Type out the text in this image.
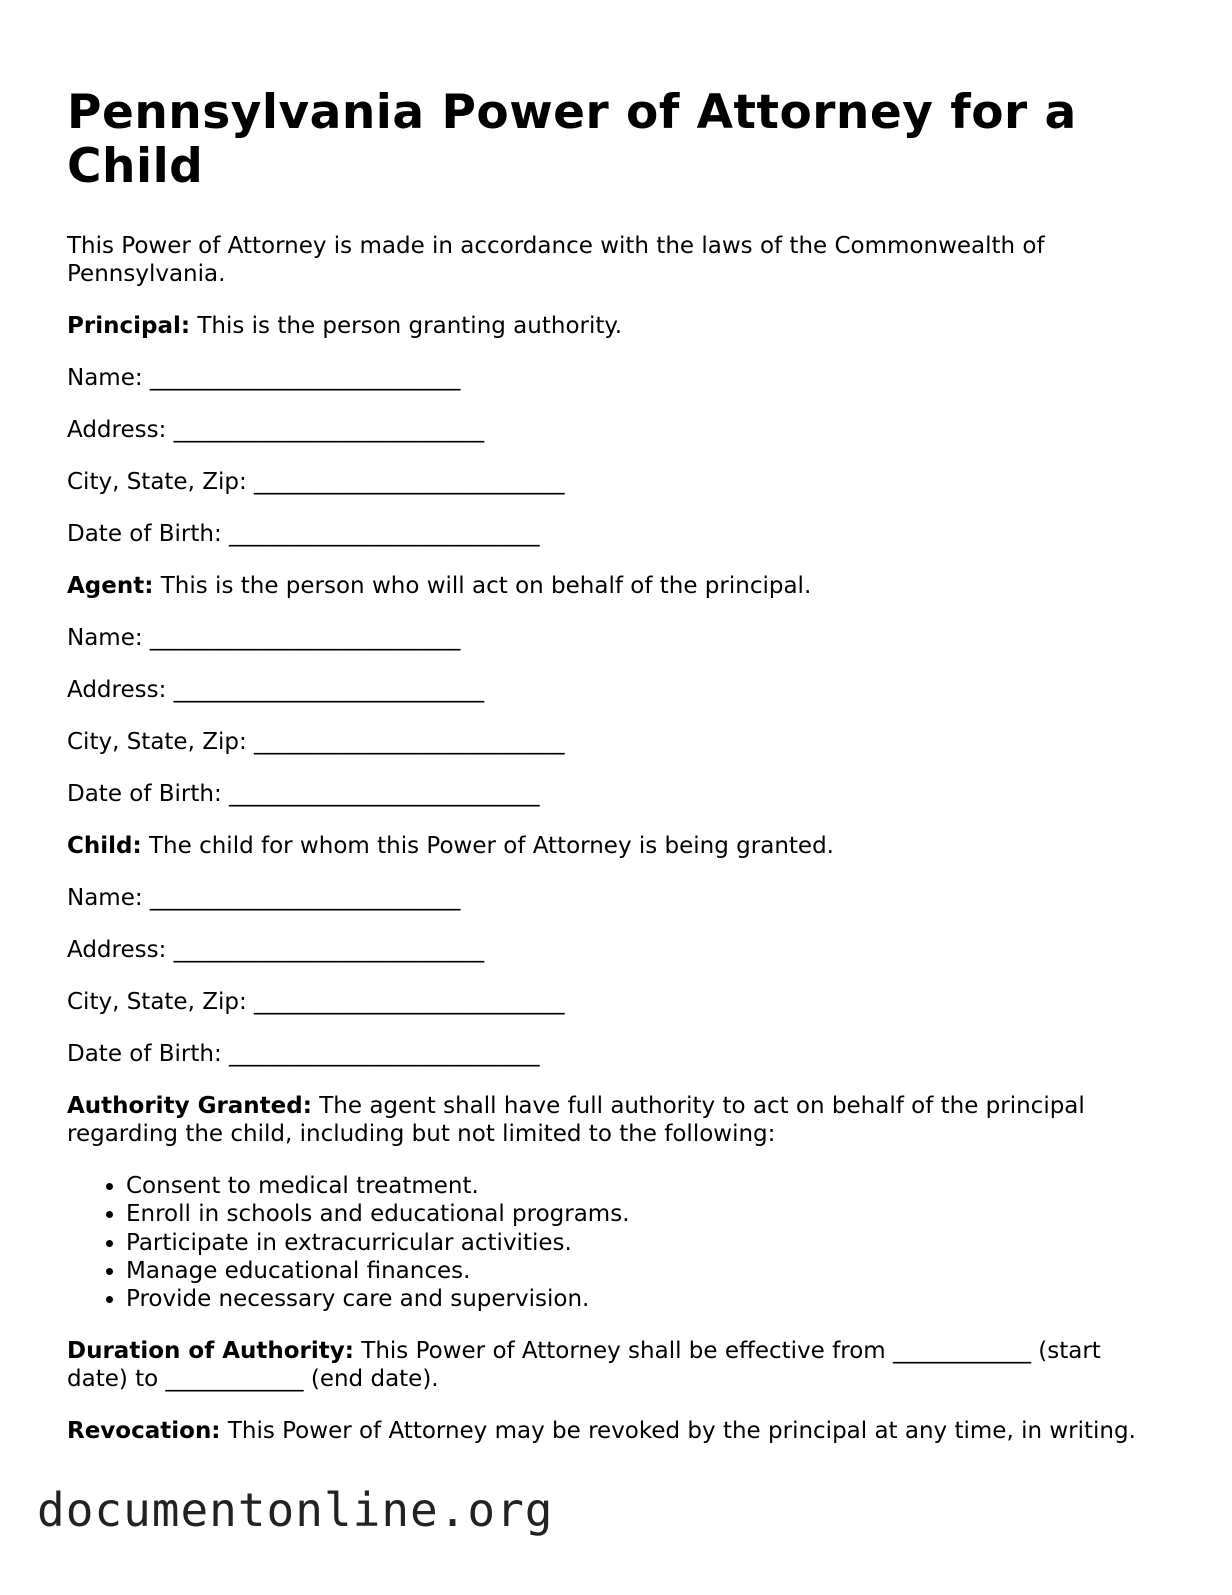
Pennsylvania Power of Attorney for a Child

This Power of Attorney is made in accordance with the laws of the Commonwealth of Pennsylvania.

Principal: This is the person granting authority.

Name: ___________________________

Address: ___________________________

City, State, Zip: ___________________________

Date of Birth: ___________________________

Agent: This is the person who will act on behalf of the principal.

Name: ___________________________

Address: ___________________________

City, State, Zip: ___________________________

Date of Birth: ___________________________

Child: The child for whom this Power of Attorney is being granted.

Name: ___________________________

Address: ___________________________

City, State, Zip: ___________________________

Date of Birth: ___________________________

Authority Granted: The agent shall have full authority to act on behalf of the principal regarding the child, including but not limited to the following:

• Consent to medical treatment.
• Enroll in schools and educational programs.
• Participate in extracurricular activities.
• Manage educational finances.
• Provide necessary care and supervision.

Duration of Authority: This Power of Attorney shall be effective from ____________ (start date) to ____________ (end date).

Revocation: This Power of Attorney may be revoked by the principal at any time, in writing.

documentonline.org
